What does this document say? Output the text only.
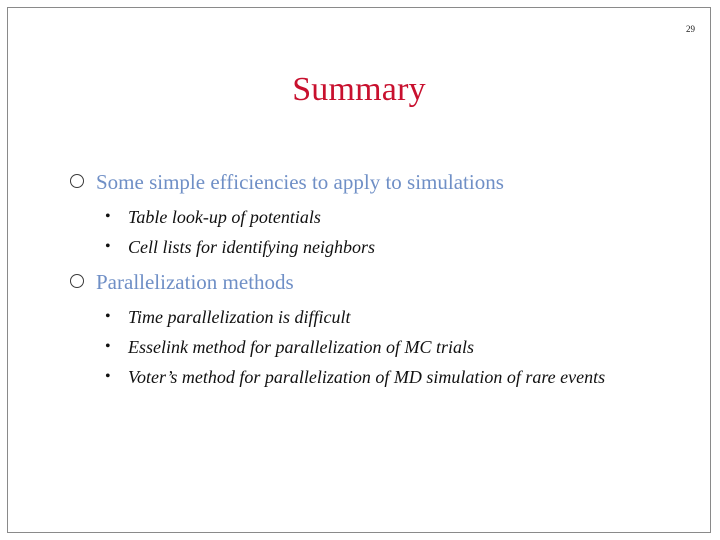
29
Summary
Some simple efficiencies to apply to simulations
• Table look-up of potentials
• Cell lists for identifying neighbors
Parallelization methods
• Time parallelization is difficult
• Esselink method for parallelization of MC trials
• Voter’s method for parallelization of MD simulation of rare events
